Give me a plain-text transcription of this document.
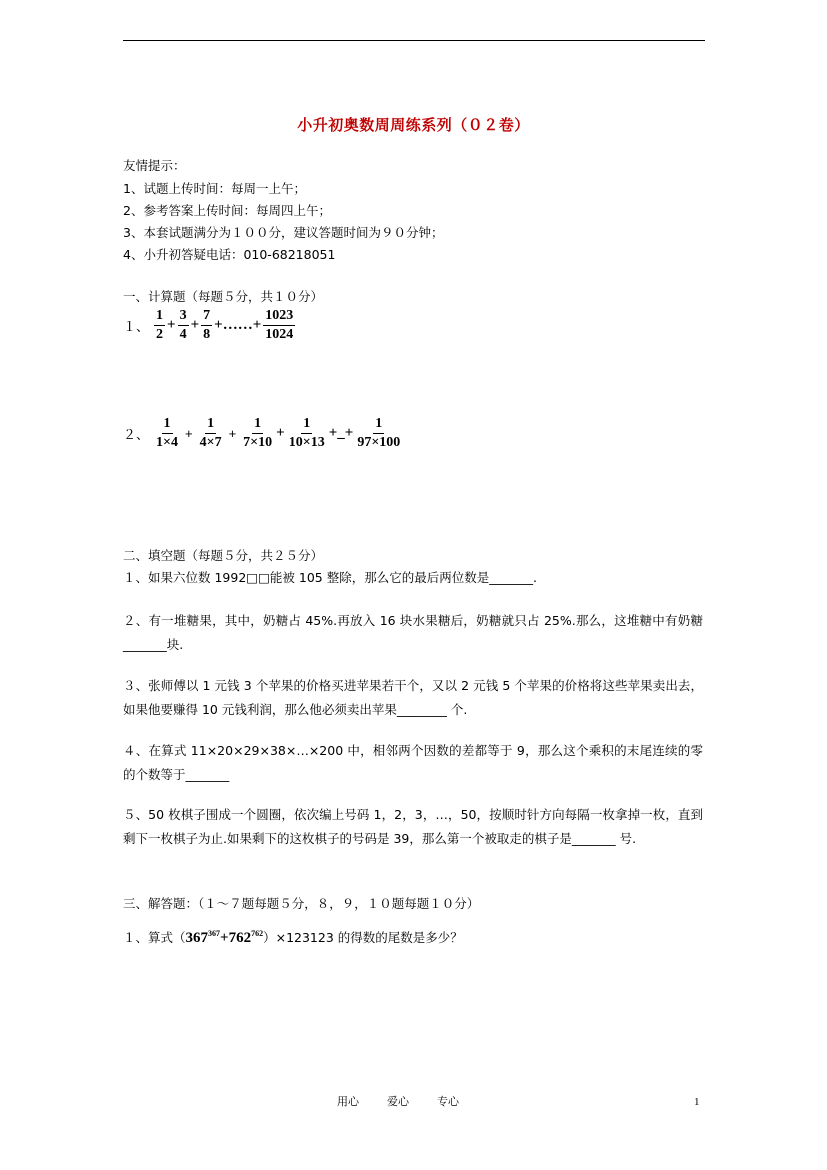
小升初奥数周周练系列（０２卷）
友情提示：
1、试题上传时间：每周一上午；
2、参考答案上传时间：每周四上午；
3、本套试题满分为１００分，建议答题时间为９０分钟；
4、小升初答疑电话：010-68218051
一、计算题（每题５分，共１０分）
１、 $\frac{1}{2} + \frac{3}{4} + \frac{7}{8}$ +……+ $\frac{1023}{1024}$
２、 $\frac{1}{1\times 4} + \frac{1}{4\times 7} + \frac{1}{7\times 10} + \frac{1}{10\times 13}$ +_+ $\frac{1}{97\times 100}$
二、填空题（每题５分，共２５分）
１、如果六位数 1992□□能被 105 整除，那么它的最后两位数是_______.
２、有一堆糖果，其中，奶糖占 45%.再放入 16 块水果糖后，奶糖就只占 25%.那么，这堆糖中有奶糖_______块.
３、张师傅以 1 元钱 3 个苹果的价格买进苹果若干个，又以 2 元钱 5 个苹果的价格将这些苹果卖出去，如果他要赚得 10 元钱利润，那么他必须卖出苹果________ 个.
４、在算式 11×20×29×38×…×200 中，相邻两个因数的差都等于 9，那么这个乘积的末尾连续的零的个数等于_______
５、50 枚棋子围成一个圆圈，依次编上号码 1，2，3，…，50，按顺时针方向每隔一枚拿掉一枚，直到剩下一枚棋子为止.如果剩下的这枚棋子的号码是 39，那么第一个被取走的棋子是_______ 号.
三、解答题：（１～７题每题５分，８，９，１０题每题１０分）
１、 算式（ $367^{367} + 762^{762}$ ）×123123 的得数的尾数是多少？
用心	爱心	专心	1
